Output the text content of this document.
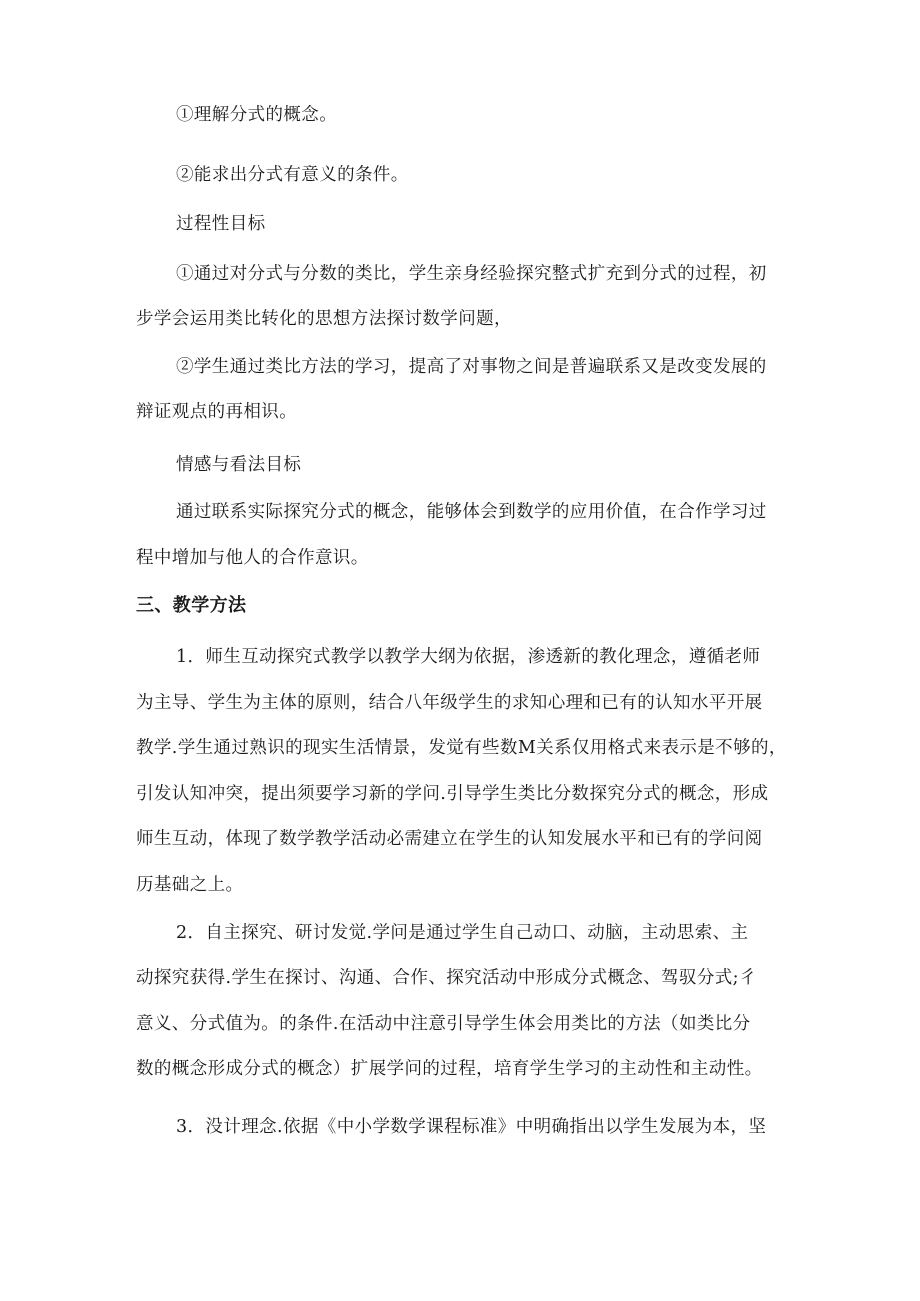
①理解分式的概念。
②能求出分式有意义的条件。
过程性目标
①通过对分式与分数的类比，学生亲身经验探究整式扩充到分式的过程，初
步学会运用类比转化的思想方法探讨数学问题，
②学生通过类比方法的学习，提高了对事物之间是普遍联系又是改变发展的
辩证观点的再相识。
情感与看法目标
通过联系实际探究分式的概念，能够体会到数学的应用价值，在合作学习过
程中增加与他人的合作意识。
三、教学方法
1．师生互动探究式教学以教学大纲为依据，渗透新的教化理念，遵循老师
为主导、学生为主体的原则，结合八年级学生的求知心理和已有的认知水平开展
教学.学生通过熟识的现实生活情景，发觉有些数M关系仅用格式来表示是不够的，
引发认知冲突，提出须要学习新的学问.引导学生类比分数探究分式的概念，形成
师生互动，体现了数学教学活动必需建立在学生的认知发展水平和已有的学问阅
历基础之上。
2．自主探究、研讨发觉.学问是通过学生自己动口、动脑，主动思索、主
动探究获得.学生在探讨、沟通、合作、探究活动中形成分式概念、驾驭分式;彳
意义、分式值为。的条件.在活动中注意引导学生体会用类比的方法（如类比分
数的概念形成分式的概念）扩展学问的过程，培育学生学习的主动性和主动性。
3．没计理念.依据《中小学数学课程标准》中明确指出以学生发展为本，坚
